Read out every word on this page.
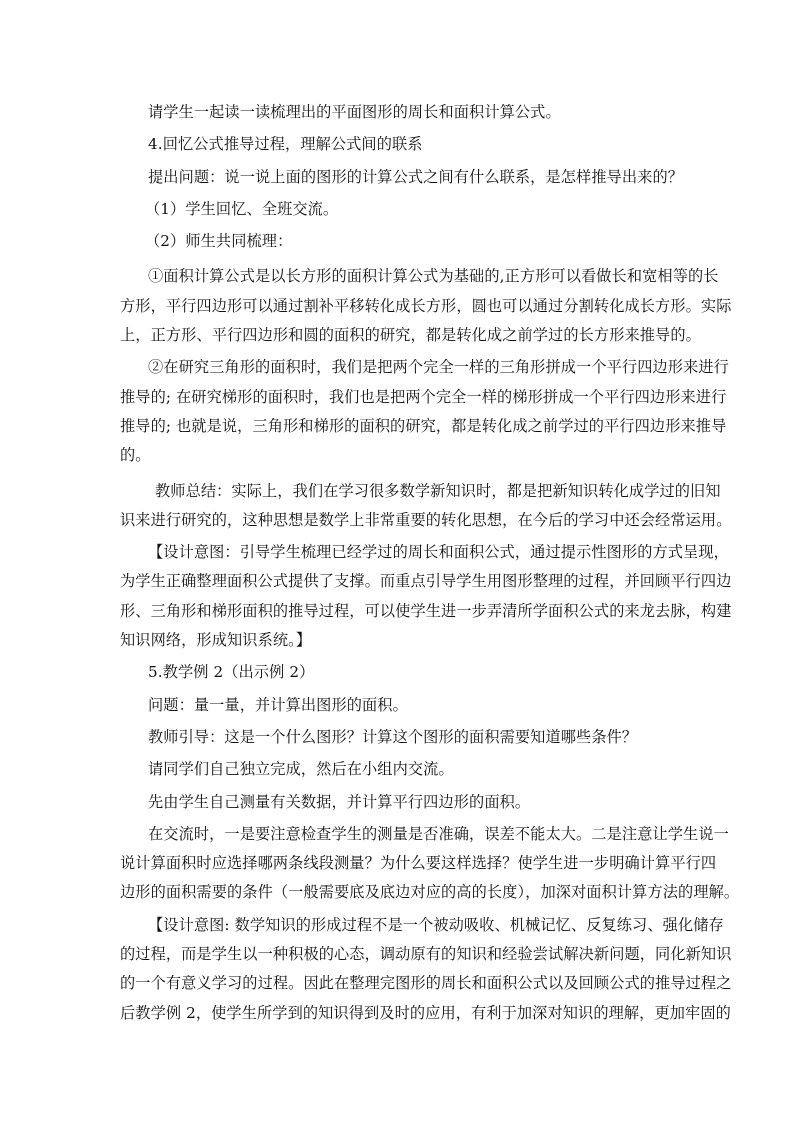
请学生一起读一读梳理出的平面图形的周长和面积计算公式。
4.回忆公式推导过程，理解公式间的联系
提出问题：说一说上面的图形的计算公式之间有什么联系，是怎样推导出来的？
（1）学生回忆、全班交流。
（2）师生共同梳理：
①面积计算公式是以长方形的面积计算公式为基础的,正方形可以看做长和宽相等的长
方形，平行四边形可以通过割补平移转化成长方形，圆也可以通过分割转化成长方形。实际
上，正方形、平行四边形和圆的面积的研究，都是转化成之前学过的长方形来推导的。
②在研究三角形的面积时，我们是把两个完全一样的三角形拼成一个平行四边形来进行
推导的; 在研究梯形的面积时，我们也是把两个完全一样的梯形拼成一个平行四边形来进行
推导的; 也就是说，三角形和梯形的面积的研究，都是转化成之前学过的平行四边形来推导
的。
教师总结：实际上，我们在学习很多数学新知识时，都是把新知识转化成学过的旧知
识来进行研究的，这种思想是数学上非常重要的转化思想，在今后的学习中还会经常运用。
【设计意图：引导学生梳理已经学过的周长和面积公式，通过提示性图形的方式呈现，
为学生正确整理面积公式提供了支撑。而重点引导学生用图形整理的过程，并回顾平行四边
形、三角形和梯形面积的推导过程，可以使学生进一步弄清所学面积公式的来龙去脉，构建
知识网络，形成知识系统。】
5.教学例 2（出示例 2）
问题：量一量，并计算出图形的面积。
教师引导：这是一个什么图形？计算这个图形的面积需要知道哪些条件？
请同学们自己独立完成，然后在小组内交流。
先由学生自己测量有关数据，并计算平行四边形的面积。
在交流时，一是要注意检查学生的测量是否准确，误差不能太大。二是注意让学生说一
说计算面积时应选择哪两条线段测量？为什么要这样选择？使学生进一步明确计算平行四
边形的面积需要的条件（一般需要底及底边对应的高的长度），加深对面积计算方法的理解。
【设计意图: 数学知识的形成过程不是一个被动吸收、机械记忆、反复练习、强化储存
的过程，而是学生以一种积极的心态，调动原有的知识和经验尝试解决新问题，同化新知识
的一个有意义学习的过程。因此在整理完图形的周长和面积公式以及回顾公式的推导过程之
后教学例 2，使学生所学到的知识得到及时的应用，有利于加深对知识的理解，更加牢固的
